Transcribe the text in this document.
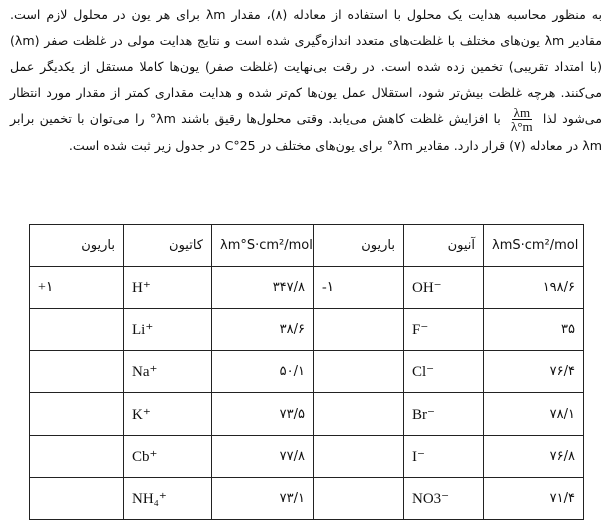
به منظور محاسبه هدایت یک محلول با استفاده از معادله (۸)، مقدار λm برای هر یون در محلول لازم است. مقادیر λm یون‌های مختلف با غلظت‌های متعدد اندازه‌گیری شده است و نتایج هدایت مولی در غلظت صفر (λm) (با امتداد تقریبی) تخمین زده شده است. در رقت بی‌نهایت (غلظت صفر) یون‌ها کاملا مستقل از یکدیگر عمل می‌کنند. هرچه غلظت بیش‌تر شود، استقلال عمل یون‌ها کم‌تر شده و هدایت مقداری کمتر از مقدار مورد انتظار می‌شود لذا
$\frac{\lambda m}{\lambda^\circ m}$
با افزایش غلظت کاهش می‌یابد. وقتی محلول‌ها رقیق باشند λm° را می‌توان با تخمین برابر λm در معادله (۷) قرار دارد. مقادیر λm° برای یون‌های مختلف در 25°C در جدول زیر ثبت شده است.
باریون	کاتیون	λm°S·cm²/mol	باریون	آنیون	λmS·cm²/mol
+۱	H⁺	۳۴۷/۸	-۱	OH⁻	۱۹۸/۶
	Li⁺	۳۸/۶		F⁻	۳۵
	Na⁺	۵۰/۱		Cl⁻	۷۶/۴
	K⁺	۷۳/۵		Br⁻	۷۸/۱
	Cb⁺	۷۷/۸		I⁻	۷۶/۸
	NH₄⁺	۷۳/۱		NO3⁻	۷۱/۴
